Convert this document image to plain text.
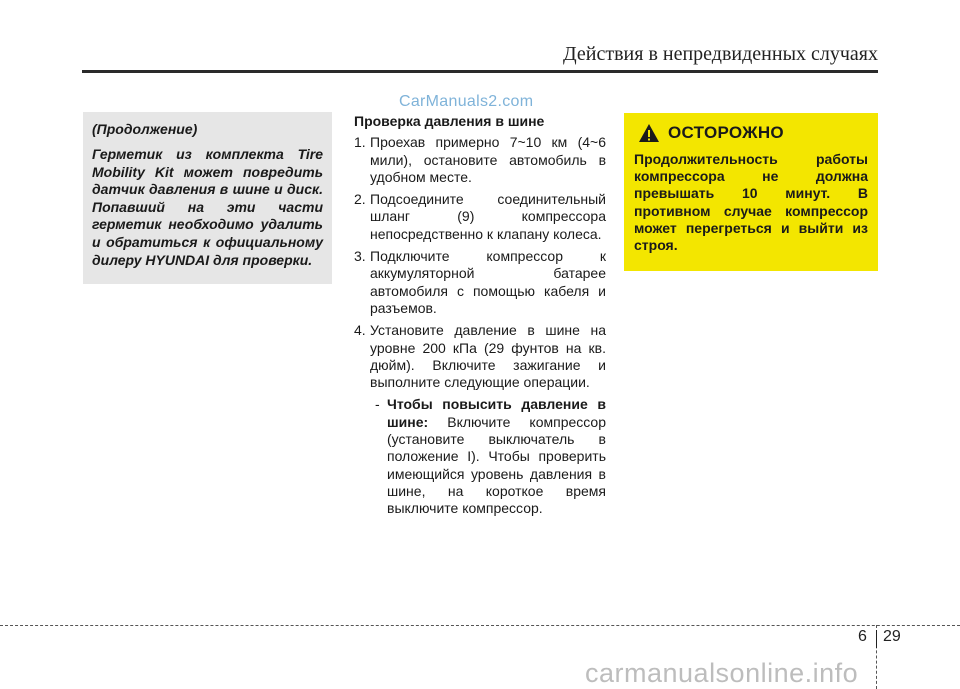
Действия в непредвиденных случаях
CarManuals2.com
(Продолжение)

Герметик из комплекта Tire Mobility Kit может повредить датчик давления в шине и диск. Попавший на эти части герметик необходимо удалить и обратиться к официальному дилеру HYUNDAI для проверки.

Проверка давления в шине
1. Проехав примерно 7~10 км (4~6 мили), остановите автомобиль в удобном месте.
2. Подсоедините соединительный шланг (9) компрессора непосредственно к клапану колеса.
3. Подключите компрессор к аккумуляторной батарее автомобиля с помощью кабеля и разъемов.
4. Установите давление в шине на уровне 200 кПа (29 фунтов на кв. дюйм). Включите зажигание и выполните следующие операции.
- Чтобы повысить давление в шине: Включите компрессор (установите выключатель в положение I). Чтобы проверить имеющийся уровень давления в шине, на короткое время выключите компрессор.
ОСТОРОЖНО

Продолжительность работы компрессора не должна превышать 10 минут. В противном случае компрессор может перегреться и выйти из строя.

6 29
carmanualsonline.info
